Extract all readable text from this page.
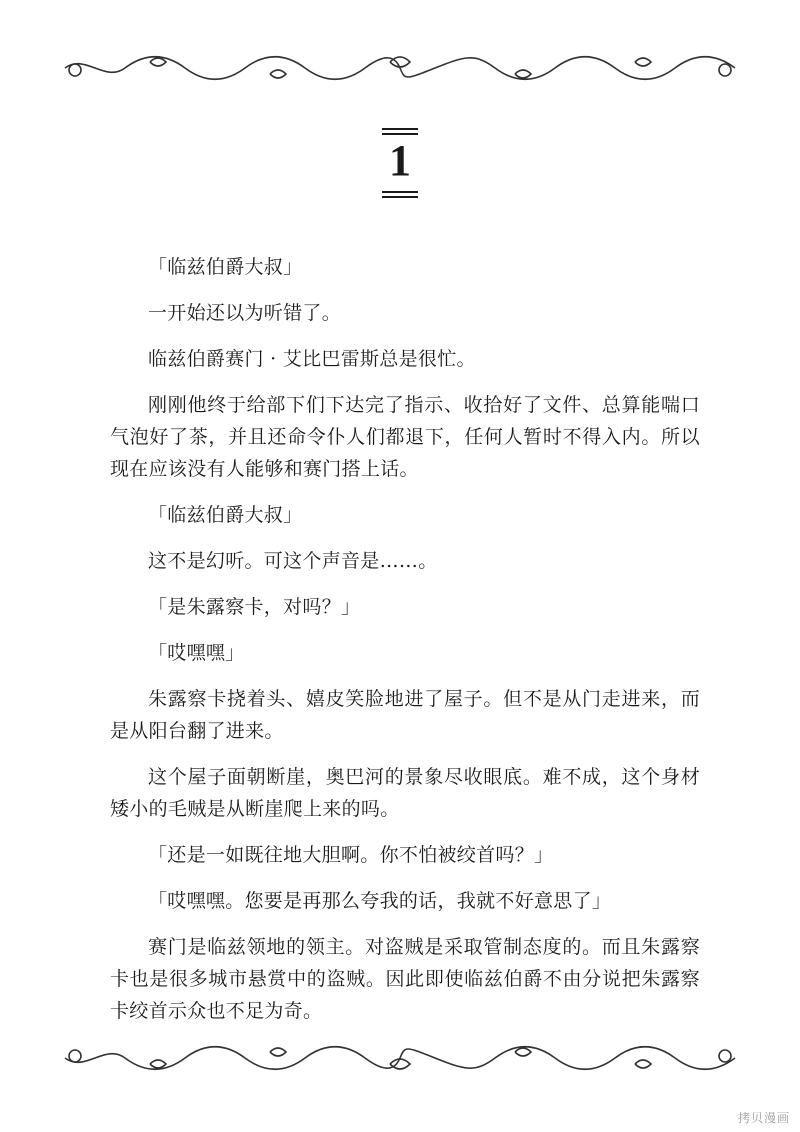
1

「临兹伯爵大叔」

一开始还以为听错了。

临兹伯爵赛门 · 艾比巴雷斯总是很忙。

刚刚他终于给部下们下达完了指示、收拾好了文件、总算能喘口气泡好了茶，并且还命令仆人们都退下，任何人暂时不得入内。所以现在应该没有人能够和赛门搭上话。

「临兹伯爵大叔」

这不是幻听。可这个声音是……。

「是朱露察卡，对吗？」

「哎嘿嘿」

朱露察卡挠着头、嬉皮笑脸地进了屋子。但不是从门走进来，而是从阳台翻了进来。

这个屋子面朝断崖，奥巴河的景象尽收眼底。难不成，这个身材矮小的毛贼是从断崖爬上来的吗。

「还是一如既往地大胆啊。你不怕被绞首吗？」

「哎嘿嘿。您要是再那么夸我的话，我就不好意思了」

赛门是临兹领地的领主。对盗贼是采取管制态度的。而且朱露察卡也是很多城市悬赏中的盗贼。因此即使临兹伯爵不由分说把朱露察卡绞首示众也不足为奇。

拷贝漫画
